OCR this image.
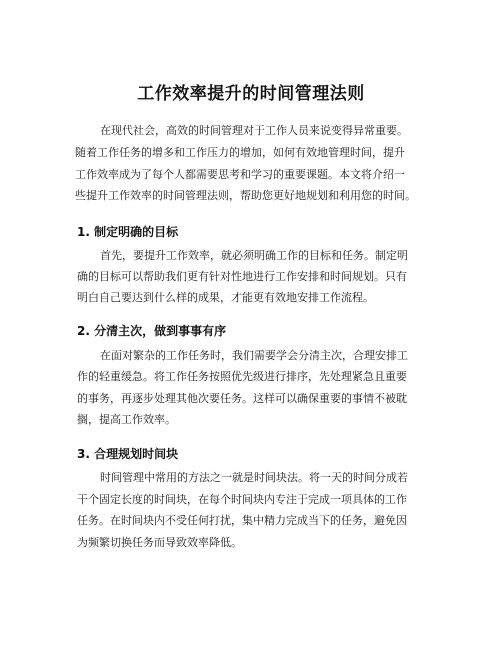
工作效率提升的时间管理法则
在现代社会，高效的时间管理对于工作人员来说变得异常重要。
随着工作任务的增多和工作压力的增加，如何有效地管理时间，提升
工作效率成为了每个人都需要思考和学习的重要课题。本文将介绍一
些提升工作效率的时间管理法则，帮助您更好地规划和利用您的时间。
1. 制定明确的目标
首先，要提升工作效率，就必须明确工作的目标和任务。制定明
确的目标可以帮助我们更有针对性地进行工作安排和时间规划。只有
明白自己要达到什么样的成果，才能更有效地安排工作流程。
2. 分清主次，做到事事有序
在面对繁杂的工作任务时，我们需要学会分清主次，合理安排工
作的轻重缓急。将工作任务按照优先级进行排序，先处理紧急且重要
的事务，再逐步处理其他次要任务。这样可以确保重要的事情不被耽
搁，提高工作效率。
3. 合理规划时间块
时间管理中常用的方法之一就是时间块法。将一天的时间分成若
干个固定长度的时间块，在每个时间块内专注于完成一项具体的工作
任务。在时间块内不受任何打扰，集中精力完成当下的任务，避免因
为频繁切换任务而导致效率降低。
